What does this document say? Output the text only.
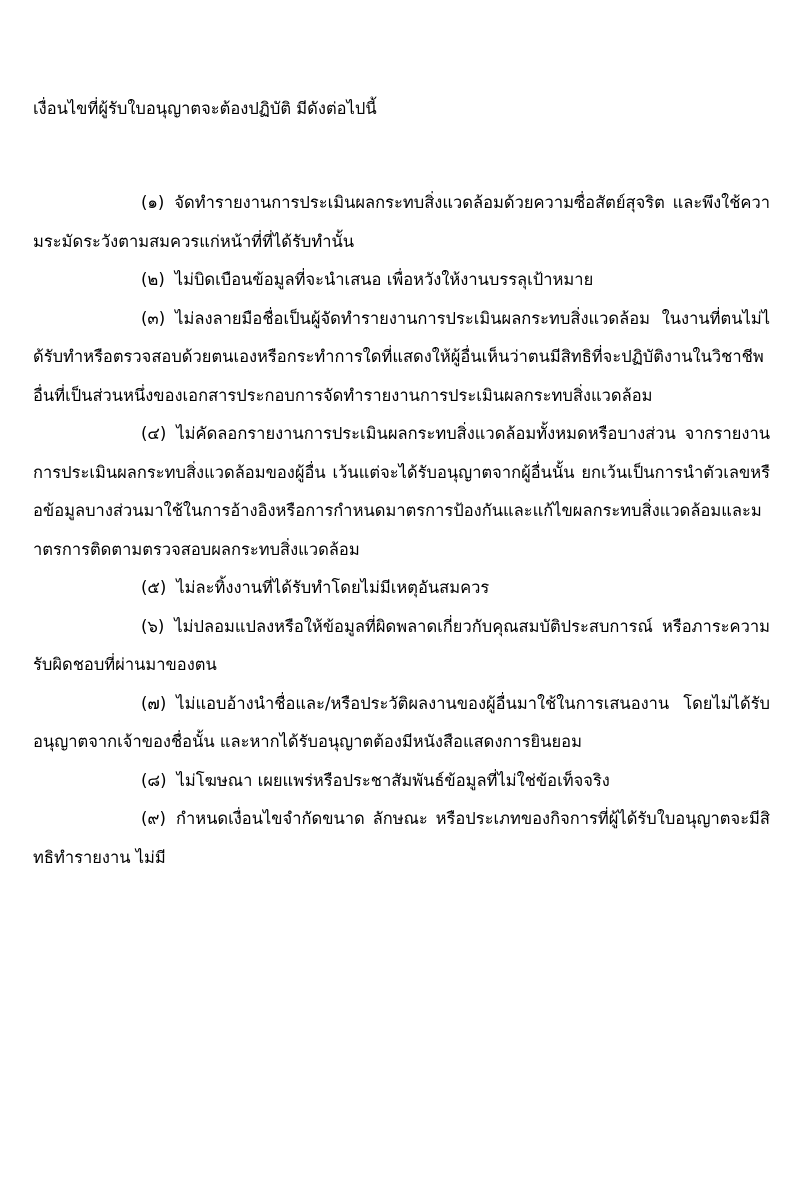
เงื่อนไขที่ผู้รับใบอนุญาตจะต้องปฏิบัติ มีดังต่อไปนี้

(๑) จัดทำรายงานการประเมินผลกระทบสิ่งแวดล้อมด้วยความซื่อสัตย์สุจริต และพึงใช้ความระมัดระวังตามสมควรแก่หน้าที่ที่ได้รับทำนั้น

(๒) ไม่บิดเบือนข้อมูลที่จะนำเสนอ เพื่อหวังให้งานบรรลุเป้าหมาย

(๓) ไม่ลงลายมือชื่อเป็นผู้จัดทำรายงานการประเมินผลกระทบสิ่งแวดล้อม ในงานที่ตนไม่ได้รับทำหรือตรวจสอบด้วยตนเองหรือกระทำการใดที่แสดงให้ผู้อื่นเห็นว่าตนมีสิทธิที่จะปฏิบัติงานในวิชาชีพอื่นที่เป็นส่วนหนึ่งของเอกสารประกอบการจัดทำรายงานการประเมินผลกระทบสิ่งแวดล้อม

(๔) ไม่คัดลอกรายงานการประเมินผลกระทบสิ่งแวดล้อมทั้งหมดหรือบางส่วน จากรายงานการประเมินผลกระทบสิ่งแวดล้อมของผู้อื่น เว้นแต่จะได้รับอนุญาตจากผู้อื่นนั้น ยกเว้นเป็นการนำตัวเลขหรือข้อมูลบางส่วนมาใช้ในการอ้างอิงหรือการกำหนดมาตรการป้องกันและแก้ไขผลกระทบสิ่งแวดล้อมและมาตรการติดตามตรวจสอบผลกระทบสิ่งแวดล้อม

(๕) ไม่ละทิ้งงานที่ได้รับทำโดยไม่มีเหตุอันสมควร

(๖) ไม่ปลอมแปลงหรือให้ข้อมูลที่ผิดพลาดเกี่ยวกับคุณสมบัติประสบการณ์ หรือภาระความรับผิดชอบที่ผ่านมาของตน

(๗) ไม่แอบอ้างนำชื่อและ/หรือประวัติผลงานของผู้อื่นมาใช้ในการเสนองาน โดยไม่ได้รับอนุญาตจากเจ้าของชื่อนั้น และหากได้รับอนุญาตต้องมีหนังสือแสดงการยินยอม

(๘) ไม่โฆษณา เผยแพร่หรือประชาสัมพันธ์ข้อมูลที่ไม่ใช่ข้อเท็จจริง

(๙) กำหนดเงื่อนไขจำกัดขนาด ลักษณะ หรือประเภทของกิจการที่ผู้ได้รับใบอนุญาตจะมีสิทธิทำรายงาน ไม่มี
